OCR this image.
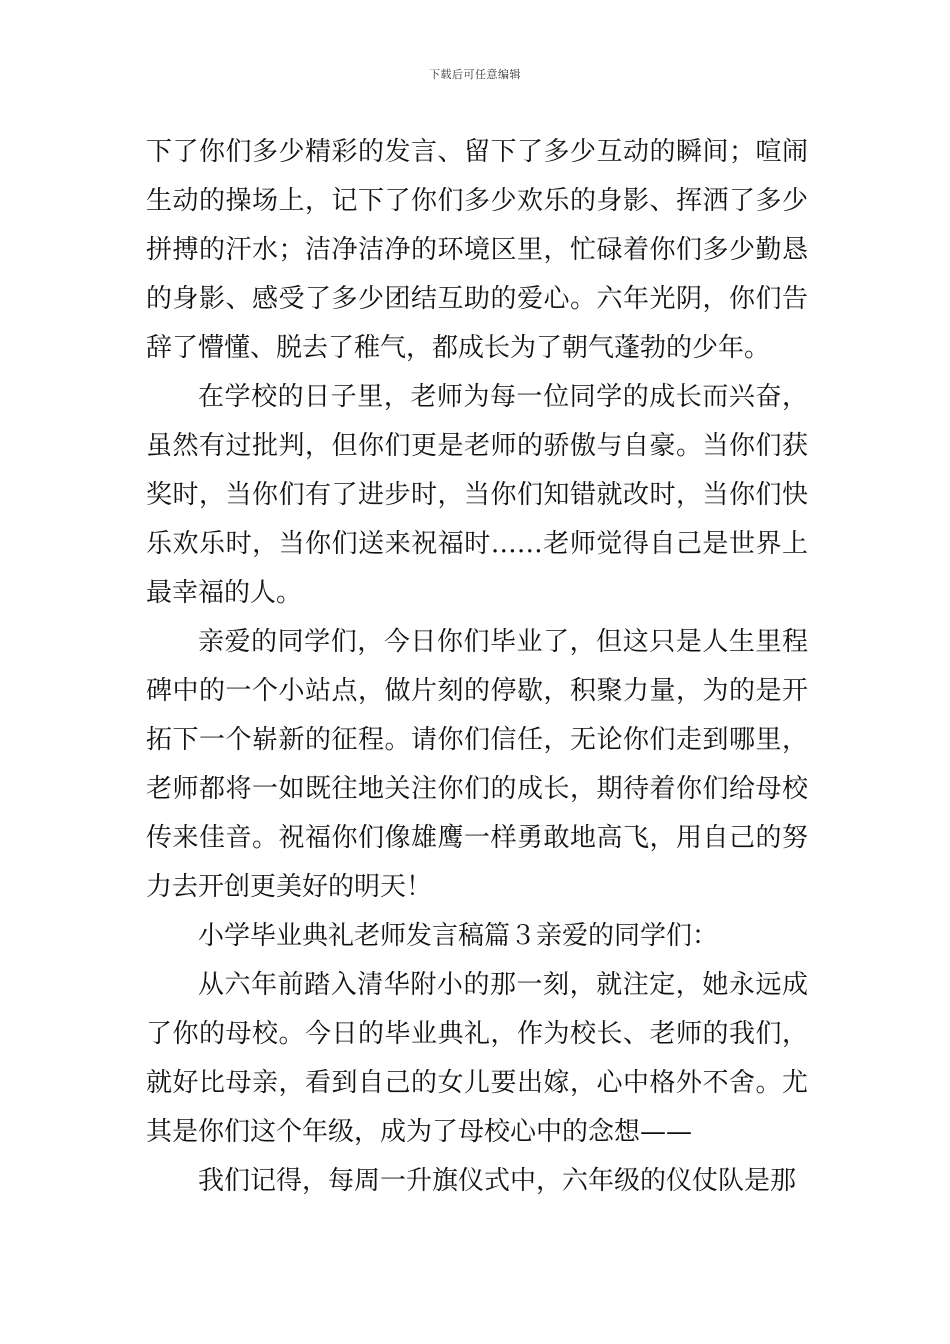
下载后可任意编辑

下了你们多少精彩的发言、留下了多少互动的瞬间；喧闹生动的操场上，记下了你们多少欢乐的身影、挥洒了多少拼搏的汗水；洁净洁净的环境区里，忙碌着你们多少勤恳的身影、感受了多少团结互助的爱心。六年光阴，你们告辞了懵懂、脱去了稚气，都成长为了朝气蓬勃的少年。

在学校的日子里，老师为每一位同学的成长而兴奋，虽然有过批判，但你们更是老师的骄傲与自豪。当你们获奖时，当你们有了进步时，当你们知错就改时，当你们快乐欢乐时，当你们送来祝福时……老师觉得自己是世界上最幸福的人。

亲爱的同学们，今日你们毕业了，但这只是人生里程碑中的一个小站点，做片刻的停歇，积聚力量，为的是开拓下一个崭新的征程。请你们信任，无论你们走到哪里，老师都将一如既往地关注你们的成长，期待着你们给母校传来佳音。祝福你们像雄鹰一样勇敢地高飞，用自己的努力去开创更美好的明天！

小学毕业典礼老师发言稿篇３亲爱的同学们：

从六年前踏入清华附小的那一刻，就注定，她永远成了你的母校。今日的毕业典礼，作为校长、老师的我们，就好比母亲，看到自己的女儿要出嫁，心中格外不舍。尤其是你们这个年级，成为了母校心中的念想——

我们记得，每周一升旗仪式中，六年级的仪仗队是那
